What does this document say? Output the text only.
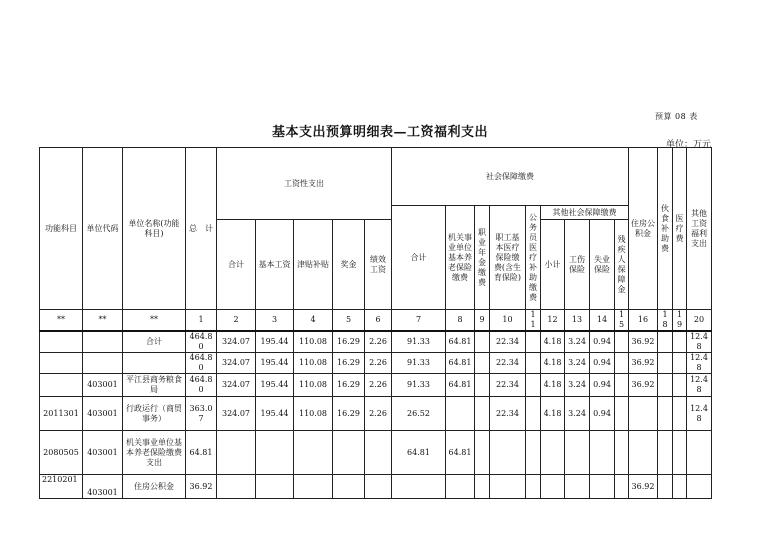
预算 08 表
基本支出预算明细表—工资福利支出
单位：万元
功能科目	单位代码	单位名称(功能科目)	总　计	工资性支出					社会保障缴费									住房公积金	伙食补助费	医疗费	其他工资福利支出
									合计	机关事业单位基本养老保险缴费	职业年金缴费	职工基本医疗保险缴费(含生育保险)	公务员医疗补助缴费	其他社会保障缴费							
				合计	基本工资	津贴补贴	奖金	绩效工资						小计	工伤保险	失业保险	残疾人保障金				
**	**	**	1	2	3	4	5	6	7	8	9	10	11	12	13	14	15	16	18	19	20
		合计	464.80	324.07	195.44	110.08	16.29	2.26	91.33	64.81		22.34		4.18	3.24	0.94		36.92			12.48
			464.80	324.07	195.44	110.08	16.29	2.26	91.33	64.81		22.34		4.18	3.24	0.94		36.92			12.48
	403001	平江县商务粮食局	464.80	324.07	195.44	110.08	16.29	2.26	91.33	64.81		22.34		4.18	3.24	0.94		36.92			12.48
2011301	403001	行政运行（商贸事务）	363.07	324.07	195.44	110.08	16.29	2.26	26.52			22.34		4.18	3.24	0.94					12.48
2080505	403001	机关事业单位基本养老保险缴费支出	64.81						64.81	64.81											
2210201	403001	住房公积金	36.92															36.92			
